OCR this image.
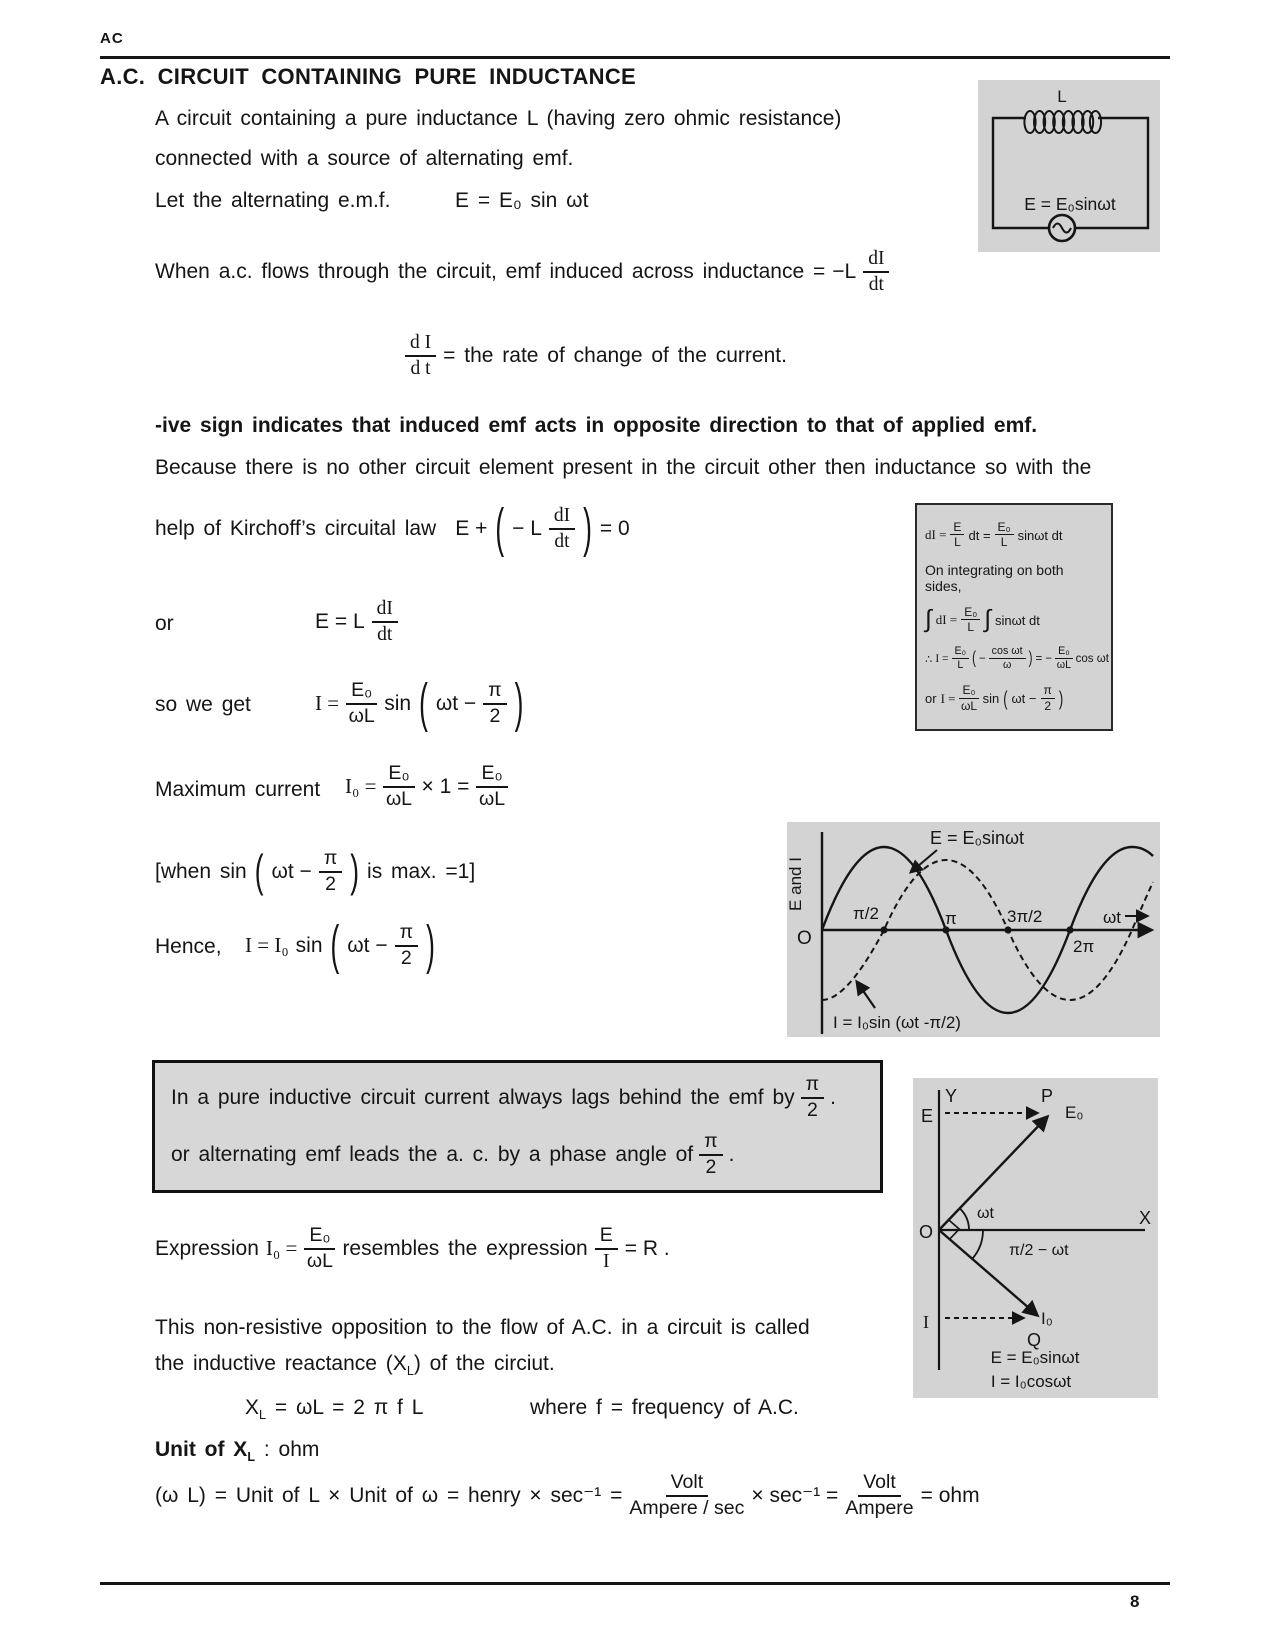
AC
A.C. CIRCUIT CONTAINING PURE INDUCTANCE
L
E = E₀sinωt
A circuit containing a pure inductance L (having zero ohmic resistance)
connected with a source of alternating emf.
Let the alternating e.m.f.	E = E₀ sin ωt
When a.c. flows through the circuit, emf induced across inductance = $-L \frac{dI}{dt}$
$\frac{\text{d I}}{\text{d t}}$ = the rate of change of the current.
-ive sign indicates that induced emf acts in opposite direction to that of applied emf.
Because there is no other circuit element present in the circuit other then inductance so with the
help of Kirchoff’s circuital law E + ( − L $\frac{dI}{dt}$ ) = 0	dI = $\frac{E}{L}$ dt = $\frac{\text{E₀}}{L}$ sinωt dt
On integrating on both sides,
∫ dI = $\frac{\text{E₀}}{L}$ ∫ sinωt dt
∴ $I = \frac{\text{E₀}}{L}$ ( − $\frac{\text{cos ωt}}{\omega}$ ) = − $\frac{\text{E₀}}{\omega L}$ cos ωt
or $I = \frac{\text{E₀}}{\omega L}$ sin ( $\omega t - \frac{\pi}{2}$ )
or	E = L $\frac{dI}{dt}$
so we get	$I = \frac{\text{E₀}}{\omega L}$ sin ( $\omega t - \frac{\pi}{2}$ )
Maximum current $I_0 = \frac{\text{E₀}}{\omega L} \times 1 = \frac{\text{E₀}}{\omega L}$
[when sin ( $\omega t - \frac{\pi}{2}$ ) is max. =1]
Hence, I = I₀ sin ( $\omega t - \frac{\pi}{2}$ )
E and I
O
π/2	π	3π/2
2π
ωt
E = E₀sinωt
I = I₀sin (ωt -π/2)
In a pure inductive circuit current always lags behind the emf by $\frac{\pi}{2}$ .
or alternating emf leads the a. c. by a phase angle of $\frac{\pi}{2}$ .
Y
X
O
E
I
P
E₀
I₀
Q
ωt
π/2 − ωt
E = E₀sinωt
I = I₀cosωt
Expression $I_0 = \frac{\text{E₀}}{\omega L}$ resembles the expression $\frac{E}{I} = R$ .
This non-resistive opposition to the flow of A.C. in a circuit is called
the inductive reactance $(X_L)$ of the circiut.
$X_L = \omega L = 2$ π f L	where f = frequency of A.C.
Unit of $X_L$ : ohm
(ω L) = Unit of L × Unit of ω = henry × $\sec^{-1} = \frac{\text{Volt}}{\text{Ampere / sec}} \times \sec^{-1} = \frac{\text{Volt}}{\text{Ampere}}$ = ohm
8
